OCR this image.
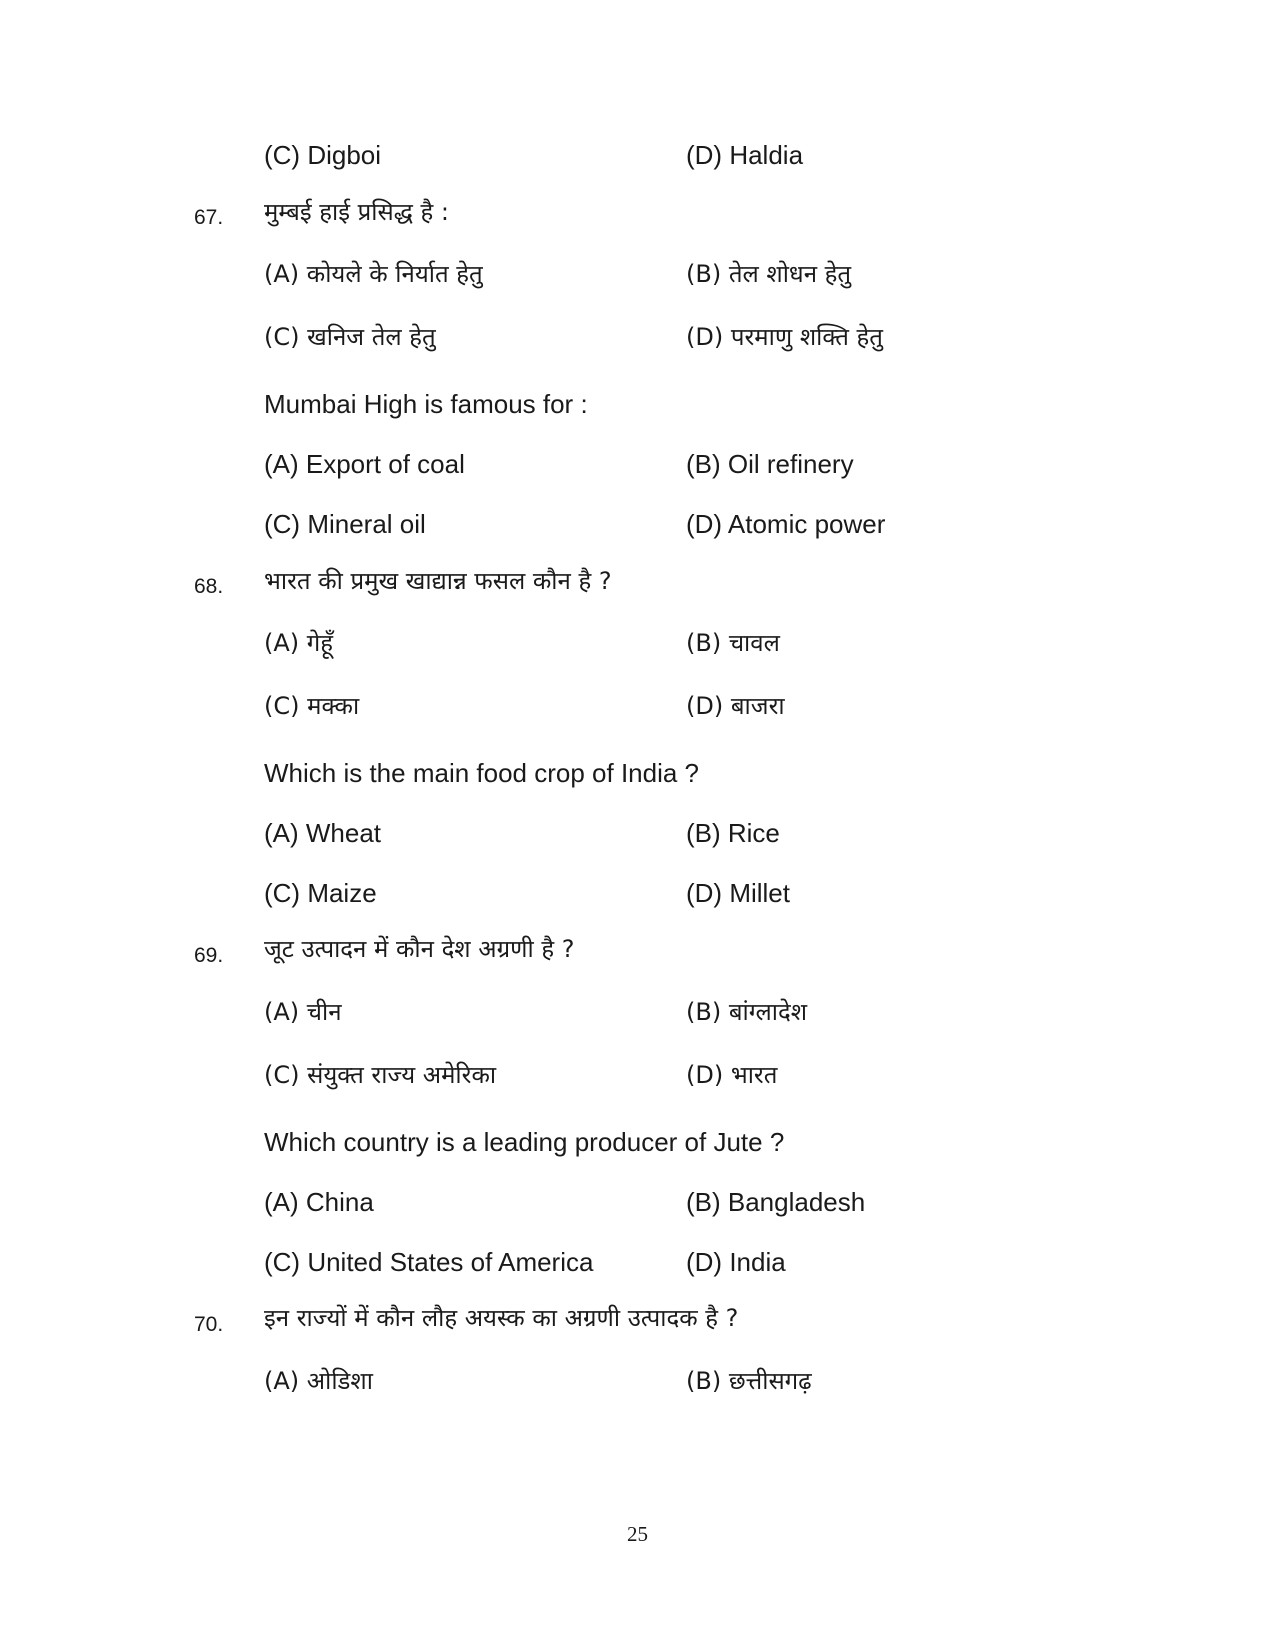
(C) Digboi	(D) Haldia
67. मुम्बई हाई प्रसिद्ध है :
(A) कोयले के निर्यात हेतु	(B) तेल शोधन हेतु
(C) खनिज तेल हेतु	(D) परमाणु शक्ति हेतु
Mumbai High is famous for :
(A) Export of coal	(B) Oil refinery
(C) Mineral oil	(D) Atomic power
68. भारत की प्रमुख खाद्यान्न फसल कौन है ?
(A) गेहूँ	(B) चावल
(C) मक्का	(D) बाजरा
Which is the main food crop of India ?
(A) Wheat	(B) Rice
(C) Maize	(D) Millet
69. जूट उत्पादन में कौन देश अग्रणी है ?
(A) चीन	(B) बांग्लादेश
(C) संयुक्त राज्य अमेरिका	(D) भारत
Which country is a leading producer of Jute ?
(A) China	(B) Bangladesh
(C) United States of America	(D) India
70. इन राज्यों में कौन लौह अयस्क का अग्रणी उत्पादक है ?
(A) ओडिशा	(B) छत्तीसगढ़
25
